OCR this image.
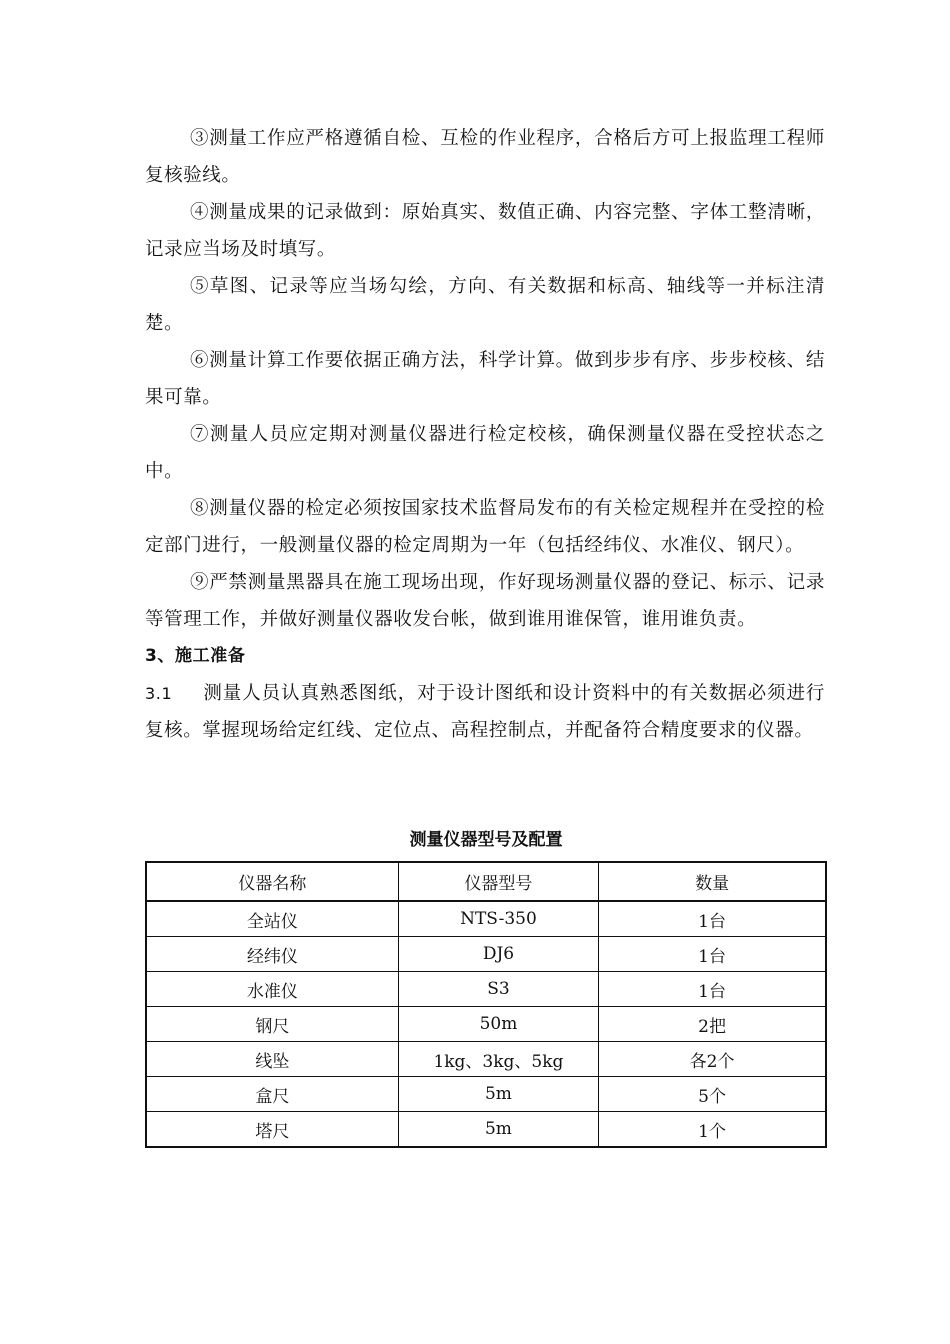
③测量工作应严格遵循自检、互检的作业程序，合格后方可上报监理工程师复核验线。

④测量成果的记录做到：原始真实、数值正确、内容完整、字体工整清晰，记录应当场及时填写。

⑤草图、记录等应当场勾绘，方向、有关数据和标高、轴线等一并标注清楚。

⑥测量计算工作要依据正确方法，科学计算。做到步步有序、步步校核、结果可靠。

⑦测量人员应定期对测量仪器进行检定校核，确保测量仪器在受控状态之中。

⑧测量仪器的检定必须按国家技术监督局发布的有关检定规程并在受控的检定部门进行，一般测量仪器的检定周期为一年（包括经纬仪、水准仪、钢尺）。

⑨严禁测量黑器具在施工现场出现，作好现场测量仪器的登记、标示、记录等管理工作，并做好测量仪器收发台帐，做到谁用谁保管，谁用谁负责。

3、施工准备

3.1 测量人员认真熟悉图纸，对于设计图纸和设计资料中的有关数据必须进行复核。掌握现场给定红线、定位点、高程控制点，并配备符合精度要求的仪器。

测量仪器型号及配置
仪器名称	仪器型号	数量
全站仪	NTS-350	1台
经纬仪	DJ6	1台
水准仪	S3	1台
钢尺	50m	2把
线坠	1kg、3kg、5kg	各2个
盒尺	5m	5个
塔尺	5m	1个
